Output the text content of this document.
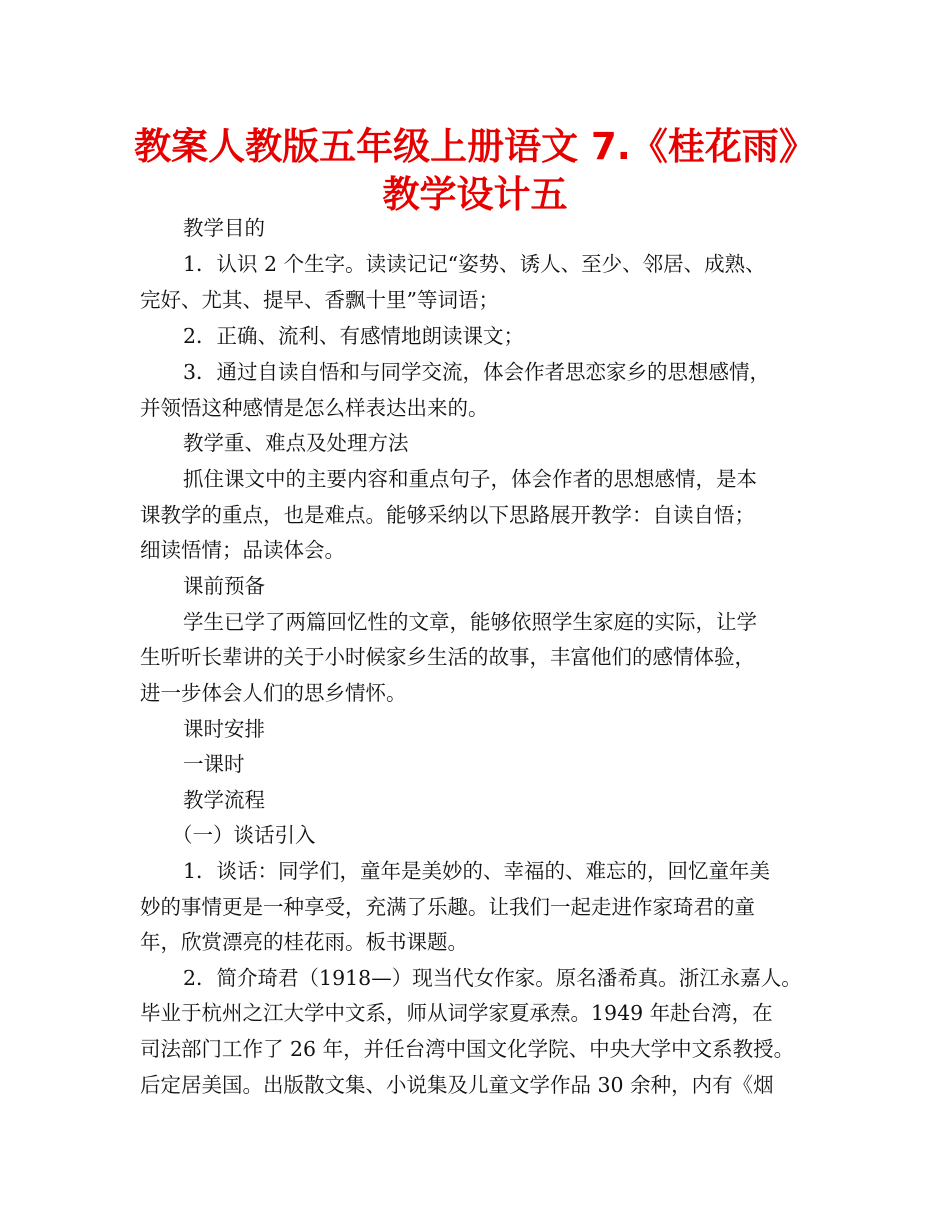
教案人教版五年级上册语文 7.《桂花雨》
教学设计五
教学目的
1．认识 2 个生字。读读记记“姿势、诱人、至少、邻居、成熟、
完好、尤其、提早、香飘十里”等词语；
2．正确、流利、有感情地朗读课文；
3．通过自读自悟和与同学交流，体会作者思恋家乡的思想感情，
并领悟这种感情是怎么样表达出来的。
教学重、难点及处理方法
抓住课文中的主要内容和重点句子，体会作者的思想感情，是本
课教学的重点，也是难点。能够采纳以下思路展开教学：自读自悟；
细读悟情；品读体会。
课前预备
学生已学了两篇回忆性的文章，能够依照学生家庭的实际，让学
生听听长辈讲的关于小时候家乡生活的故事，丰富他们的感情体验，
进一步体会人们的思乡情怀。
课时安排
一课时
教学流程
（一）谈话引入
1．谈话：同学们，童年是美妙的、幸福的、难忘的，回忆童年美
妙的事情更是一种享受，充满了乐趣。让我们一起走进作家琦君的童
年，欣赏漂亮的桂花雨。板书课题。
2．简介琦君（1918—）现当代女作家。原名潘希真。浙江永嘉人。
毕业于杭州之江大学中文系，师从词学家夏承焘。1949 年赴台湾，在
司法部门工作了 26 年，并任台湾中国文化学院、中央大学中文系教授。
后定居美国。出版散文集、小说集及儿童文学作品 30 余种，内有《烟
